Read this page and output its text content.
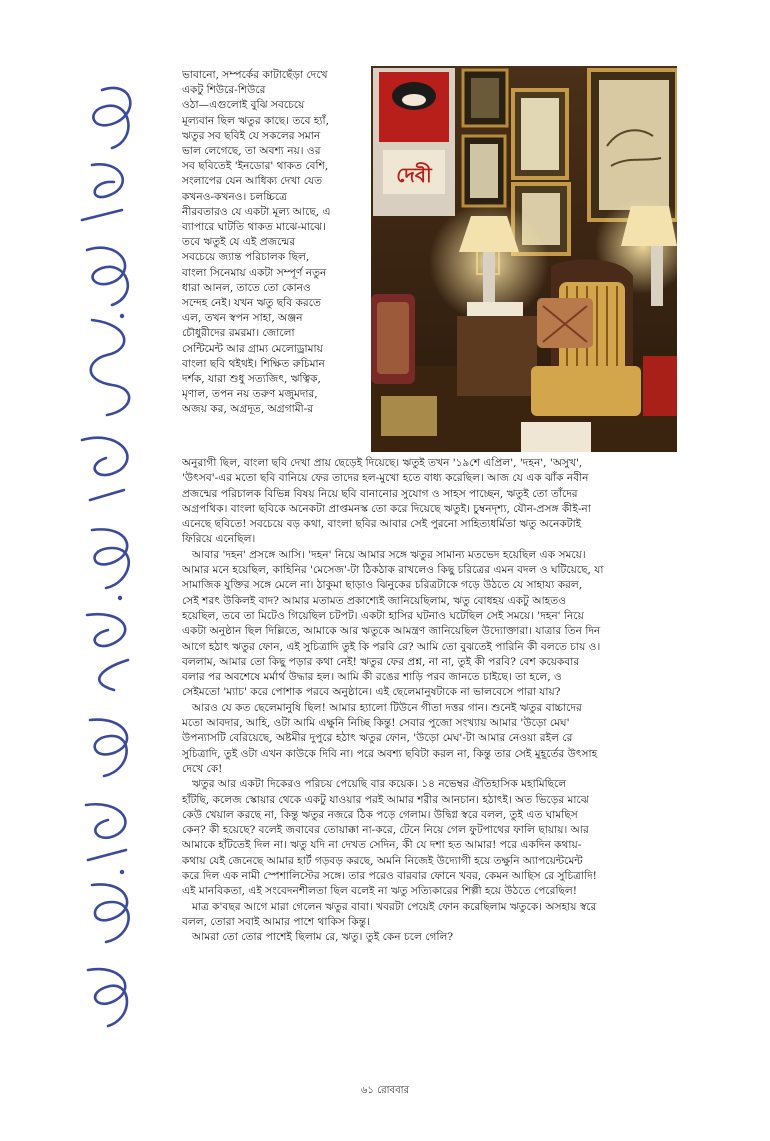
দেবী
ভাবানো, সম্পর্কের কাটাছেঁড়া দেখে
একটু শিউরে-শিউরে
ওঠা—এগুলোই বুঝি সবচেয়ে
মূল্যবান ছিল ঋতুর কাছে। তবে হ্যাঁ,
ঋতুর সব ছবিই যে সকলের সমান
ভাল লেগেছে, তা অবশ্য নয়। ওর
সব ছবিতেই 'ইনডোর' থাকত বেশি,
সংলাপের যেন আধিক্য দেখা যেত
কখনও-কখনও। চলচ্চিত্রে
নীরবতারও যে একটা মূল্য আছে, এ
ব্যাপারে ঘাটতি থাকত মাঝে-মাঝে।
তবে ঋতুই যে এই প্রজন্মের
সবচেয়ে জ্যান্ত পরিচালক ছিল,
বাংলা সিনেমায় একটা সম্পূর্ণ নতুন
ধারা আনল, তাতে তো কোনও
সন্দেহ নেই। যখন ঋতু ছবি করতে
এল, তখন স্বপন সাহা, অঞ্জন
চৌধুরীদের রমরমা। জোলো
সেন্টিমেন্ট আর গ্রাম্য মেলোড্রামায়
বাংলা ছবি থইথই। শিক্ষিত রুচিমান
দর্শক, যারা শুধু সত্যজিৎ, ঋত্বিক,
মৃণাল, তপন নয় তরুণ মজুমদার,
অজয় কর, অগ্রদূত, অগ্রগামী-র
অনুরাগী ছিল, বাংলা ছবি দেখা প্রায় ছেড়েই দিয়েছে। ঋতুই তখন '১৯শে এপ্রিল', 'দহন', 'অসুখ',
'উৎসব'-এর মতো ছবি বানিয়ে ফের তাদের হল-মুখো হতে বাধ্য করেছিল। আজ যে এক ঝাঁক নবীন
প্রজন্মের পরিচালক বিভিন্ন বিষয় নিয়ে ছবি বানানোর সুযোগ ও সাহস পাচ্ছেন, ঋতুই তো তাঁদের
অগ্রপথিক। বাংলা ছবিকে অনেকটা প্রাপ্তমনস্ক তো করে দিয়েছে ঋতুই। চুম্বনদৃশ্য, যৌন-প্রসঙ্গ কীই-না
এনেছে ছবিতে! সবচেয়ে বড় কথা, বাংলা ছবির আবার সেই পুরনো সাহিত্যধর্মিতা ঋতু অনেকটাই
ফিরিয়ে এনেছিল।
আবার 'দহন' প্রসঙ্গে আসি। 'দহন' নিয়ে আমার সঙ্গে ঋতুর সামান্য মতভেদ হয়েছিল এক সময়ে।
আমার মনে হয়েছিল, কাহিনির 'মেসেজ'-টা ঠিকঠাক রাখলেও কিছু চরিত্রের এমন বদল ও ঘটিয়েছে, যা
সামাজিক যুক্তির সঙ্গে মেলে না। ঠাকুমা ছাড়াও ঝিনুকের চরিত্রটাকে গড়ে উঠতে যে সাহায্য করল,
সেই শরৎ উকিলই বাদ? আমার মতামত প্রকাশ্যেই জানিয়েছিলাম, ঋতু বোধহয় একটু আহতও
হয়েছিল, তবে তা মিটেও গিয়েছিল চটপট। একটা হাসির ঘটনাও ঘটেছিল সেই সময়ে। 'দহন' নিয়ে
একটা অনুষ্ঠান ছিল দিল্লিতে, আমাকে আর ঋতুকে আমন্ত্রণ জানিয়েছিল উদ্যোক্তারা। যাত্রার তিন দিন
আগে হঠাৎ ঋতুর ফোন, এই সুচিত্রাদি তুই কি পরবি রে? আমি তো বুঝতেই পারিনি কী বলতে চায় ও।
বললাম, আমার তো কিছু পড়ার কথা নেই! ঋতুর ফের প্রশ্ন, না না, তুই কী পরবি? বেশ কয়েকবার
বলার পর অবশেষে মর্মার্থ উদ্ধার হল। আমি কী রঙের শাড়ি পরব জানতে চাইছে। তা হলে, ও
সেইমতো 'ম্যাচ' করে পোশাক পরবে অনুষ্ঠানে। এই ছেলেমানুষটাকে না ভালবেসে পারা যায়?
আরও যে কত ছেলেমানুষি ছিল! আমার হ্যালো টিউনে গীতা দত্তর গান। শুনেই ঋতুর বাচ্চাদের
মতো আবদার, আহি, ওটা আমি এক্ষুনি নিচ্ছি কিন্তু! সেবার পুজো সংখ্যায় আমার 'উড়ো মেঘ'
উপন্যাসটি বেরিয়েছে, অষ্টমীর দুপুরে হঠাৎ ঋতুর ফোন, 'উড়ো মেঘ'-টা আমার নেওয়া রইল রে
সুচিত্রাদি, তুই ওটা এখন কাউকে দিবি না। পরে অবশ্য ছবিটা করল না, কিন্তু তার সেই মুহূর্তের উৎসাহ
দেখে কে!
ঋতুর আর একটা দিকেরও পরিচয় পেয়েছি বার কয়েক। ১৪ নভেম্বর ঐতিহাসিক মহামিছিলে
হাঁটছি, কলেজ স্কোয়ার থেকে একটু যাওয়ার পরই আমার শরীর আনচান। হঠাৎই। অত ভিড়ের মাঝে
কেউ খেয়াল করছে না, কিন্তু ঋতুর নজরে ঠিক পড়ে গেলাম। উদ্বিগ্ন স্বরে বলল, তুই এত ঘামছিস
কেন? কী হয়েছে? বলেই জবাবের তোয়াক্কা না-করে, টেনে নিয়ে গেল ফুটপাথের ফালি ছায়ায়। আর
আমাকে হাঁটতেই দিল না। ঋতু যদি না দেখত সেদিন, কী যে দশা হত আমার! পরে একদিন কথায়-
কথায় যেই জেনেছে আমার হার্ট গড়বড় করছে, অমনি নিজেই উদ্যোগী হয়ে তক্ষুনি অ্যাপয়েন্টমেন্ট
করে দিল এক নামী স্পেশালিস্টের সঙ্গে। তার পরেও বারবার ফোনে খবর, কেমন আছিস রে সুচিত্রাদি!
এই মানবিকতা, এই সংবেদনশীলতা ছিল বলেই না ঋতু সত্যিকারের শিল্পী হয়ে উঠতে পেরেছিল!
মাত্র ক'বছর আগে মারা গেলেন ঋতুর বাবা। খবরটা পেয়েই ফোন করেছিলাম ঋতুকে। অসহায় স্বরে
বলল, তোরা সবাই আমার পাশে থাকিস কিন্তু।
আমরা তো তোর পাশেই ছিলাম রে, ঋতু। তুই কেন চলে গেলি?
৬১ রোববার
